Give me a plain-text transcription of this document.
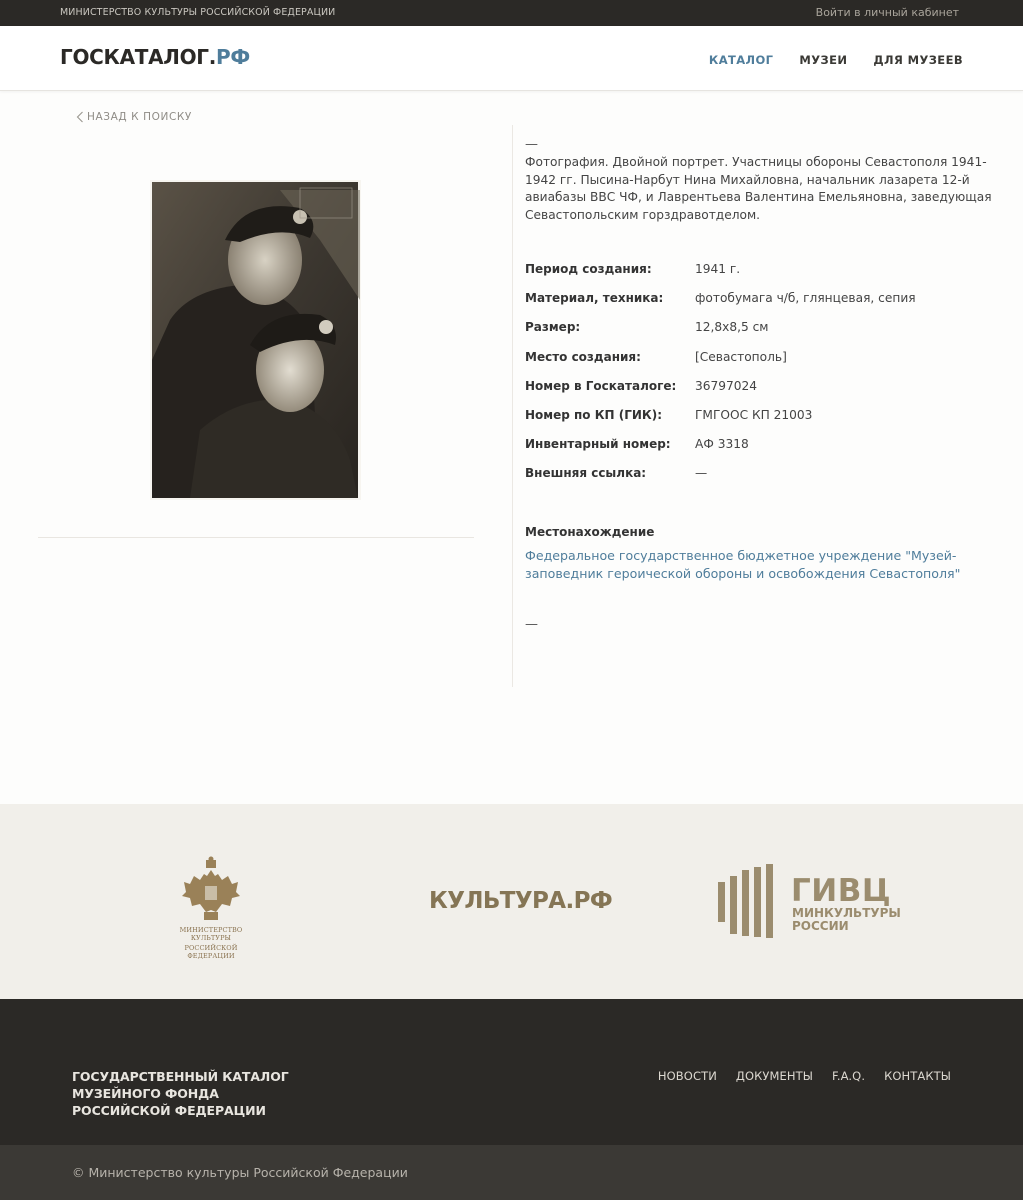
МИНИСТЕРСТВО КУЛЬТУРЫ РОССИЙСКОЙ ФЕДЕРАЦИИ	Войти в личный кабинет
ГОСКАТАЛОГ.РФ	КАТАЛОГ МУЗЕИ ДЛЯ МУЗЕЕВ
НАЗАД К ПОИСКУ
—
Фотография. Двойной портрет. Участницы обороны Севастополя 1941-1942 гг. Пысина-Нарбут Нина Михайловна, начальник лазарета 12-й авиабазы ВВС ЧФ, и Лаврентьева Валентина Емельяновна, заведующая Севастопольским горздравотделом.
Период создания:	1941 г.
Материал, техника:	фотобумага ч/б, глянцевая, сепия
Размер:	12,8x8,5 см
Место создания:	[Севастополь]
Номер в Госкаталоге:	36797024
Номер по КП (ГИК):	ГМГООС КП 21003
Инвентарный номер:	АФ 3318
Внешняя ссылка:	—
Местонахождение
Федеральное государственное бюджетное учреждение "Музей-заповедник героической обороны и освобождения Севастополя"
—
МИНИСТЕРСТВО КУЛЬТУРЫ
РОССИЙСКОЙ ФЕДЕРАЦИИ
КУЛЬТУРА.РФ	ГИВЦ
МИНКУЛЬТУРЫ
РОССИИ
ГОСУДАРСТВЕННЫЙ КАТАЛОГ
МУЗЕЙНОГО ФОНДА
РОССИЙСКОЙ ФЕДЕРАЦИИ
НОВОСТИ ДОКУМЕНТЫ F.A.Q. КОНТАКТЫ
© Министерство культуры Российской Федерации
